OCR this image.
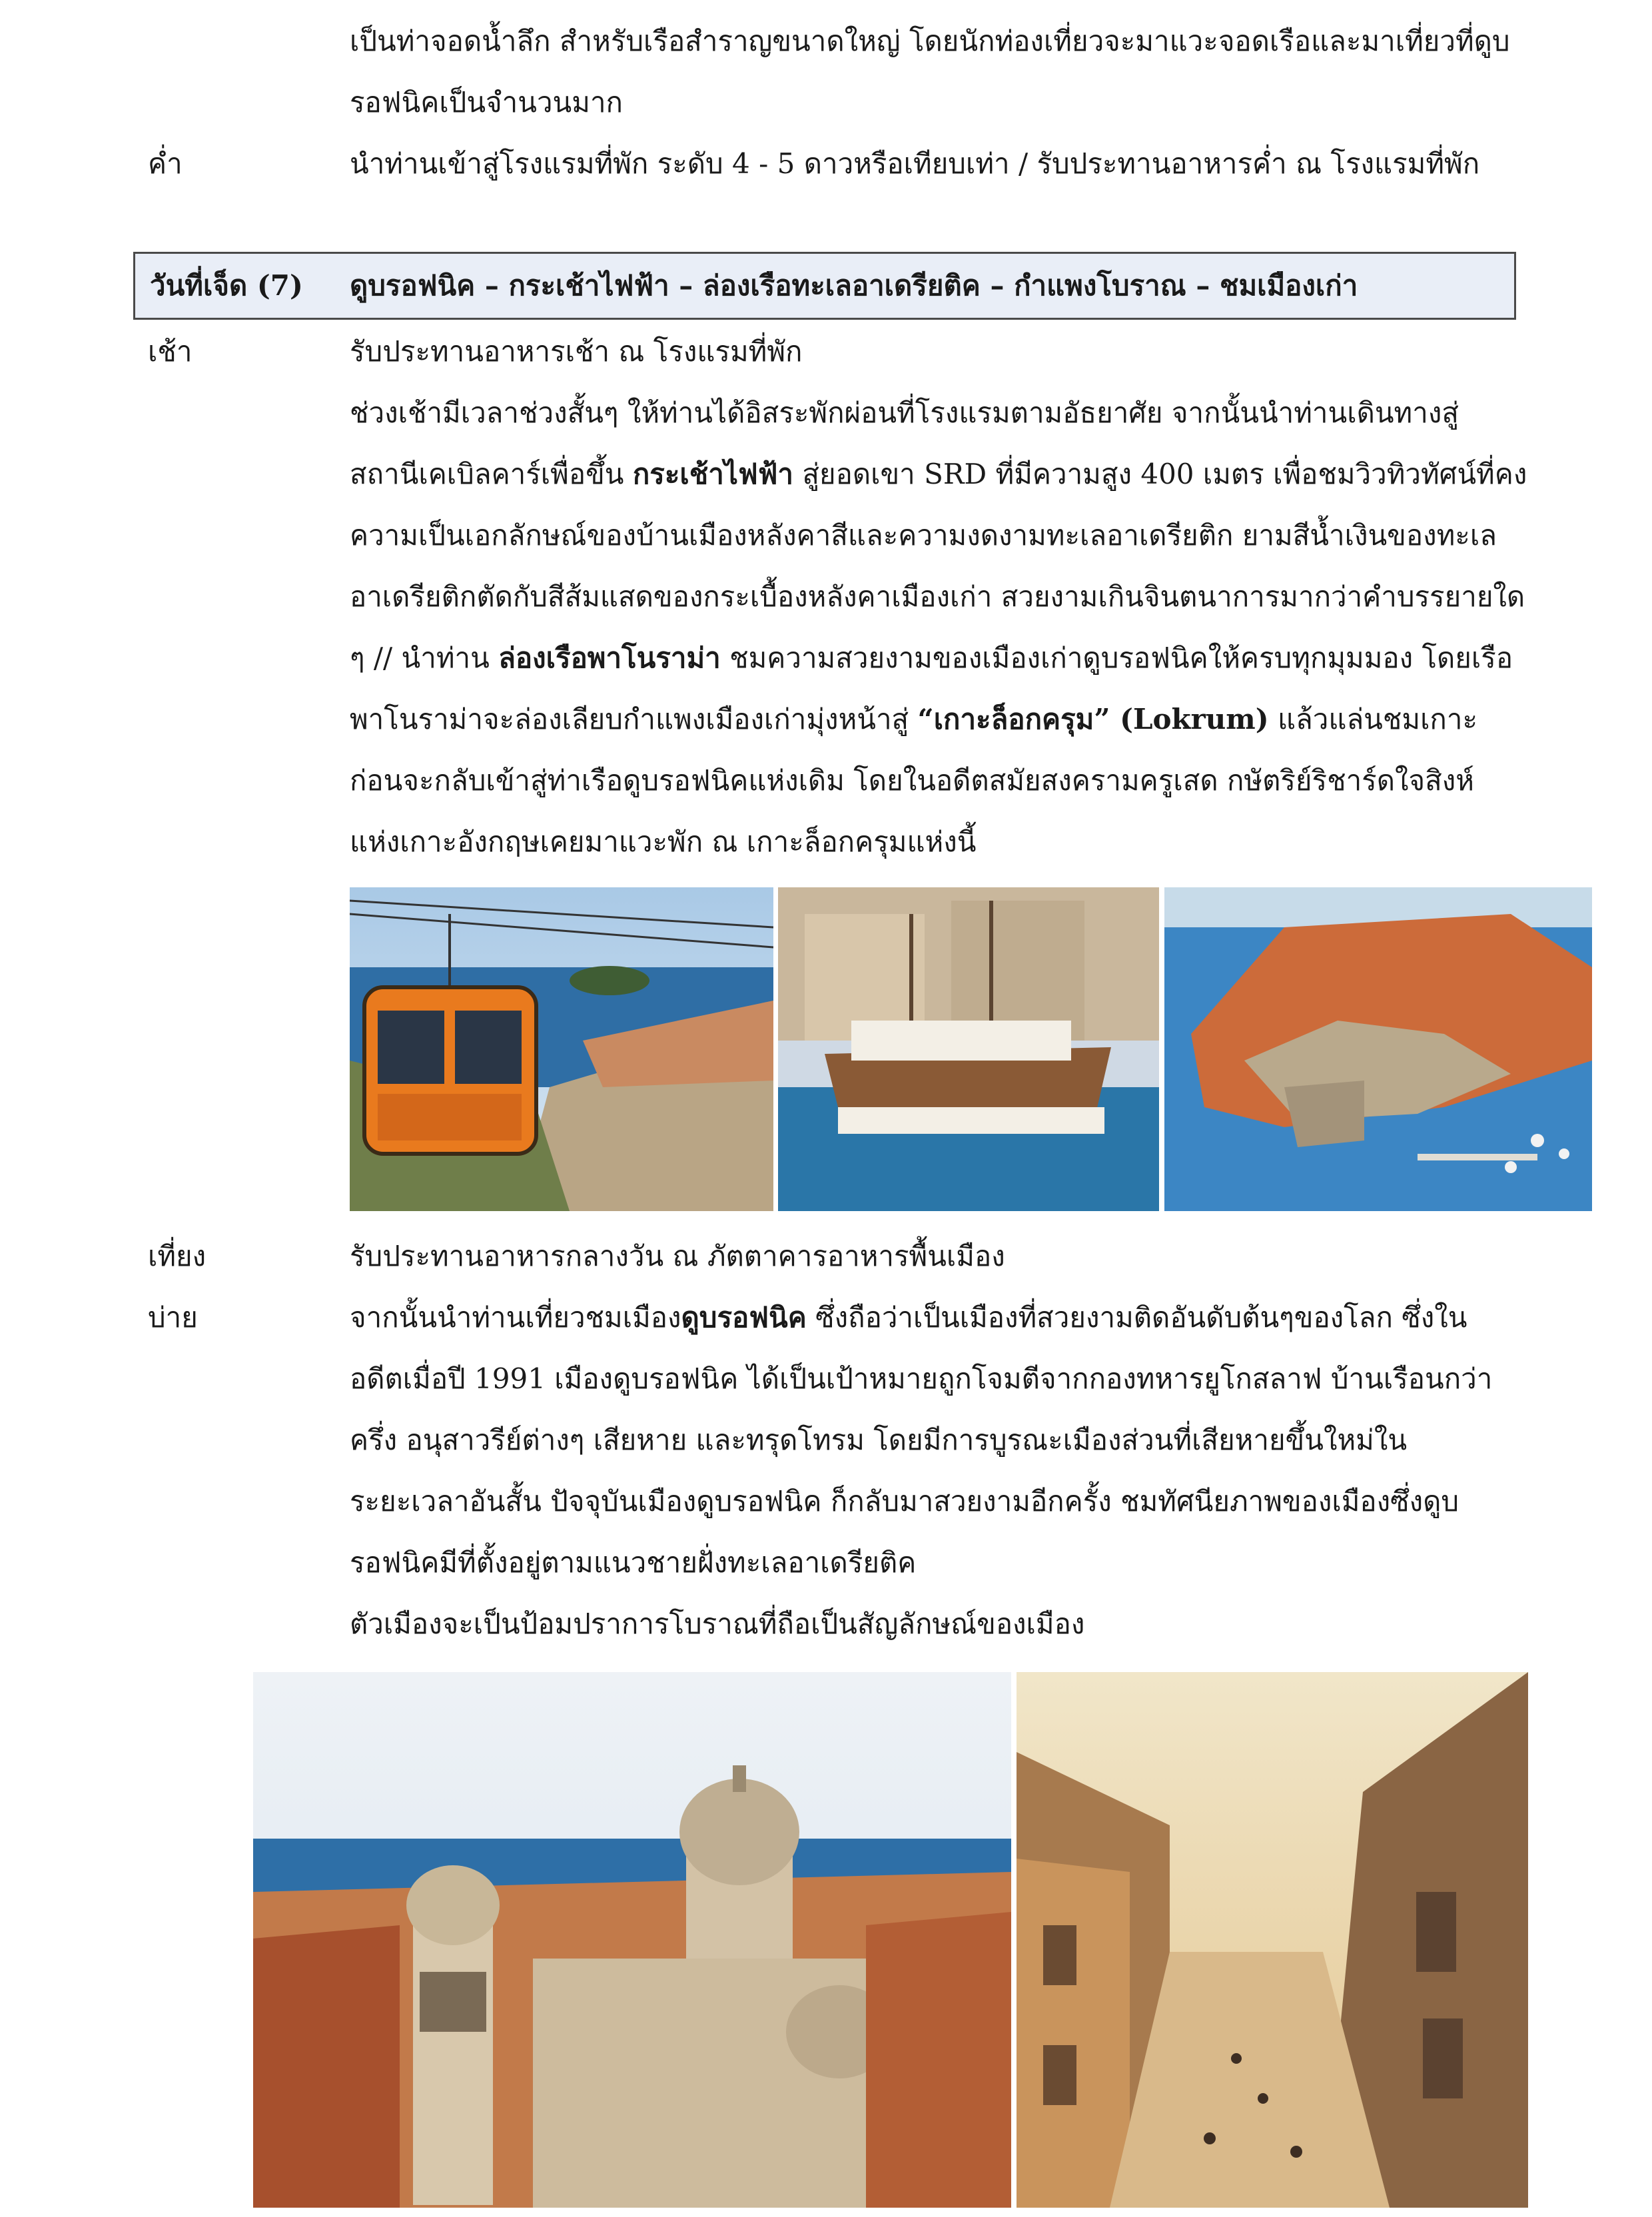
เป็นท่าจอดน้ำลึก สำหรับเรือสำราญขนาดใหญ่ โดยนักท่องเที่ยวจะมาแวะจอดเรือและมาเที่ยวที่ดูบ
รอฟนิคเป็นจำนวนมาก
ค่ำ	นำท่านเข้าสู่โรงแรมที่พัก ระดับ 4 - 5 ดาวหรือเทียบเท่า / รับประทานอาหารค่ำ ณ โรงแรมที่พัก
วันที่เจ็ด (7) ดูบรอฟนิค – กระเช้าไฟฟ้า – ล่องเรือทะเลอาเดรียติค – กำแพงโบราณ – ชมเมืองเก่า
เช้า	รับประทานอาหารเช้า ณ โรงแรมที่พัก
ช่วงเช้ามีเวลาช่วงสั้นๆ ให้ท่านได้อิสระพักผ่อนที่โรงแรมตามอัธยาศัย จากนั้นนำท่านเดินทางสู่
สถานีเคเบิลคาร์เพื่อขึ้น กระเช้าไฟฟ้า สู่ยอดเขา SRD ที่มีความสูง 400 เมตร เพื่อชมวิวทิวทัศน์ที่คง
ความเป็นเอกลักษณ์ของบ้านเมืองหลังคาสีและความงดงามทะเลอาเดรียติก ยามสีน้ำเงินของทะเล
อาเดรียติกตัดกับสีส้มแสดของกระเบื้องหลังคาเมืองเก่า สวยงามเกินจินตนาการมากว่าคำบรรยายใด
ๆ // นำท่าน ล่องเรือพาโนราม่า ชมความสวยงามของเมืองเก่าดูบรอฟนิคให้ครบทุกมุมมอง โดยเรือ
พาโนราม่าจะล่องเลียบกำแพงเมืองเก่ามุ่งหน้าสู่ “เกาะล็อกครุม” (Lokrum) แล้วแล่นชมเกาะ
ก่อนจะกลับเข้าสู่ท่าเรือดูบรอฟนิคแห่งเดิม โดยในอดีตสมัยสงครามครูเสด กษัตริย์ริชาร์ดใจสิงห์
แห่งเกาะอังกฤษเคยมาแวะพัก ณ เกาะล็อกครุมแห่งนี้
เที่ยง	รับประทานอาหารกลางวัน ณ ภัตตาคารอาหารพื้นเมือง
บ่าย	จากนั้นนำท่านเที่ยวชมเมืองดูบรอฟนิค ซึ่งถือว่าเป็นเมืองที่สวยงามติดอันดับต้นๆของโลก ซึ่งใน
อดีตเมื่อปี 1991 เมืองดูบรอฟนิค ได้เป็นเป้าหมายถูกโจมตีจากกองทหารยูโกสลาฟ บ้านเรือนกว่า
ครึ่ง อนุสาวรีย์ต่างๆ เสียหาย และทรุดโทรม โดยมีการบูรณะเมืองส่วนที่เสียหายขึ้นใหม่ใน
ระยะเวลาอันสั้น ปัจจุบันเมืองดูบรอฟนิค ก็กลับมาสวยงามอีกครั้ง ชมทัศนียภาพของเมืองซึ่งดูบ
รอฟนิคมีที่ตั้งอยู่ตามแนวชายฝั่งทะเลอาเดรียติค
ตัวเมืองจะเป็นป้อมปราการโบราณที่ถือเป็นสัญลักษณ์ของเมือง
